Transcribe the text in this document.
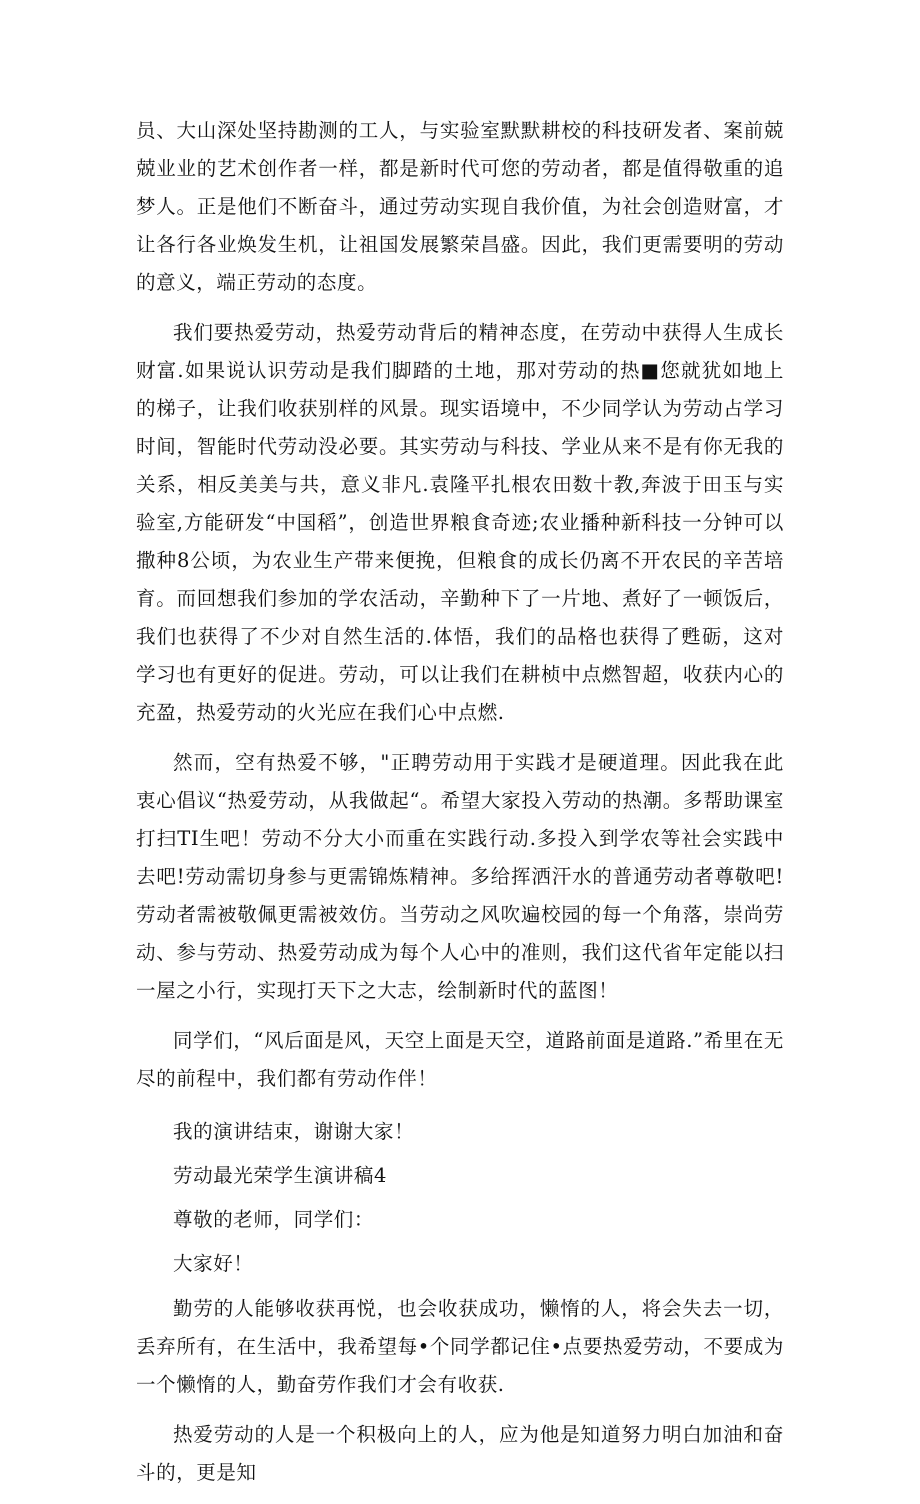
员、大山深处坚持勘测的工人，与实验室默默耕校的科技研发者、案前兢兢业业的艺术创作者一样，都是新时代可您的劳动者，都是值得敬重的追梦人。正是他们不断奋斗，通过劳动实现自我价值，为社会创造财富，才让各行各业焕发生机，让祖国发展繁荣昌盛。因此，我们更需要明的劳动的意义，端正劳动的态度。

我们要热爱劳动，热爱劳动背后的精神态度，在劳动中获得人生成长财富.如果说认识劳动是我们脚踏的土地，那对劳动的热■您就犹如地上的梯子，让我们收获别样的风景。现实语境中，不少同学认为劳动占学习时间，智能时代劳动没必要。其实劳动与科技、学业从来不是有你无我的关系，相反美美与共，意义非凡.袁隆平扎根农田数十教,奔波于田玉与实验室,方能研发“中国稻”，创造世界粮食奇迹;农业播种新科技一分钟可以撒种8公顷，为农业生产带来便挽，但粮食的成长仍离不开农民的辛苦培育。而回想我们参加的学农活动，辛勤种下了一片地、煮好了一顿饭后，我们也获得了不少对自然生活的.体悟，我们的品格也获得了甦砺，这对学习也有更好的促进。劳动，可以让我们在耕桢中点燃智超，收获内心的充盈，热爱劳动的火光应在我们心中点燃.

然而，空有热爱不够，"正聘劳动用于实践才是硬道理。因此我在此衷心倡议“热爱劳动，从我做起“。希望大家投入劳动的热潮。多帮助课室打扫TI生吧！劳动不分大小而重在实践行动.多投入到学农等社会实践中去吧!劳动需切身参与更需锦炼精神。多给挥洒汗水的普通劳动者尊敬吧!劳动者需被敬佩更需被效仿。当劳动之风吹遍校园的每一个角落，崇尚劳动、参与劳动、热爱劳动成为每个人心中的准则，我们这代省年定能以扫一屋之小行，实现打天下之大志，绘制新时代的蓝图！

同学们，“风后面是风，天空上面是天空，道路前面是道路.”希里在无尽的前程中，我们都有劳动作伴！

我的演讲结束，谢谢大家！

劳动最光荣学生演讲稿4

尊敬的老师，同学们：

大家好！

勤劳的人能够收获再悦，也会收获成功，懒惰的人，将会失去一切，丢弃所有，在生活中，我希望每•个同学都记住•点要热爱劳动，不要成为一个懒惰的人，勤奋劳作我们才会有收获.

热爱劳动的人是一个积极向上的人，应为他是知道努力明白加油和奋斗的，更是知
